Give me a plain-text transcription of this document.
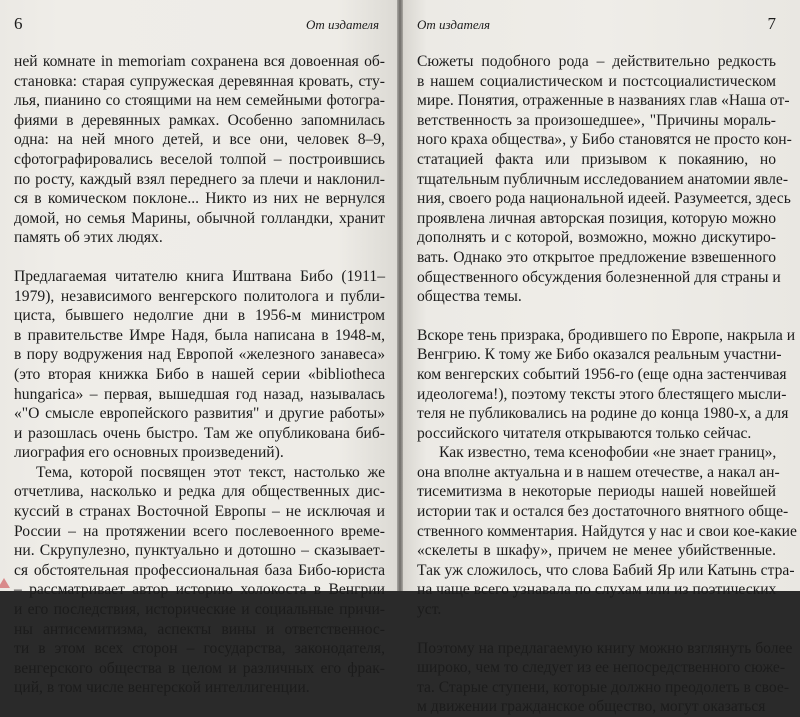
6	От издателя

ней комнате in memoriam сохранена вся довоенная об-
становка: старая супружеская деревянная кровать, сту-
лья, пианино со стоящими на нем семейными фотогра-
фиями в деревянных рамках. Особенно запомнилась
одна: на ней много детей, и все они, человек 8–9,
сфотографировались веселой толпой – построившись
по росту, каждый взял переднего за плечи и наклонил-
ся в комическом поклоне... Никто из них не вернулся
домой, но семья Марины, обычной голландки, хранит
память об этих людях.

Предлагаемая читателю книга Иштвана Бибо (1911–
1979), независимого венгерского политолога и публи-
циста, бывшего недолгие дни в 1956-м министром
в правительстве Имре Надя, была написана в 1948-м,
в пору водружения над Европой «железного занавеса»
(это вторая книжка Бибо в нашей серии «bibliotheca
hungarica» – первая, вышедшая год назад, называлась
«"О смысле европейского развития" и другие работы»
и разошлась очень быстро. Там же опубликована биб-
лиография его основных произведений).

Тема, которой посвящен этот текст, настолько же
отчетлива, насколько и редка для общественных дис-
куссий в странах Восточной Европы – не исключая и
России – на протяжении всего послевоенного време-
ни. Скрупулезно, пунктуально и дотошно – сказывает-
ся обстоятельная профессиональная база Бибо-юриста
– рассматривает автор историю холокоста в Венгрии
и его последствия, исторические и социальные причи-
ны антисемитизма, аспекты вины и ответственнос-
ти в этом всех сторон – государства, законодателя,
венгерского общества в целом и различных его фрак-
ций, в том числе венгерской интеллигенции.

От издателя	7

Сюжеты подобного рода – действительно редкость
в нашем социалистическом и постсоциалистическом
мире. Понятия, отраженные в названиях глав «Наша от-
ветственность за произошедшее», "Причины мораль-
ного краха общества», у Бибо становятся не просто кон-
статацией факта или призывом к покаянию, но
тщательным публичным исследованием анатомии явле-
ния, своего рода национальной идеей. Разумеется, здесь
проявлена личная авторская позиция, которую можно
дополнять и с которой, возможно, можно дискутиро-
вать. Однако это открытое предложение взвешенного
общественного обсуждения болезненной для страны и
общества темы.

Вскоре тень призрака, бродившего по Европе, накрыла и
Венгрию. К тому же Бибо оказался реальным участни-
ком венгерских событий 1956-го (еще одна застенчивая
идеологема!), поэтому тексты этого блестящего мысли-
теля не публиковались на родине до конца 1980-х, а для
российского читателя открываются только сейчас.

Как известно, тема ксенофобии «не знает границ»,
она вполне актуальна и в нашем отечестве, а накал ан-
тисемитизма в некоторые периоды нашей новейшей
истории так и остался без достаточного внятного обще-
ственного комментария. Найдутся у нас и свои кое-какие
«скелеты в шкафу», причем не менее убийственные.
Так уж сложилось, что слова Бабий Яр или Катынь стра-
на чаще всего узнавала по слухам или из поэтических
уст.

Поэтому на предлагаемую книгу можно взглянуть более
широко, чем то следует из ее непосредственного сюже-
та. Старые ступени, которые должно преодолеть в свое-
м движении гражданское общество, могут оказаться
